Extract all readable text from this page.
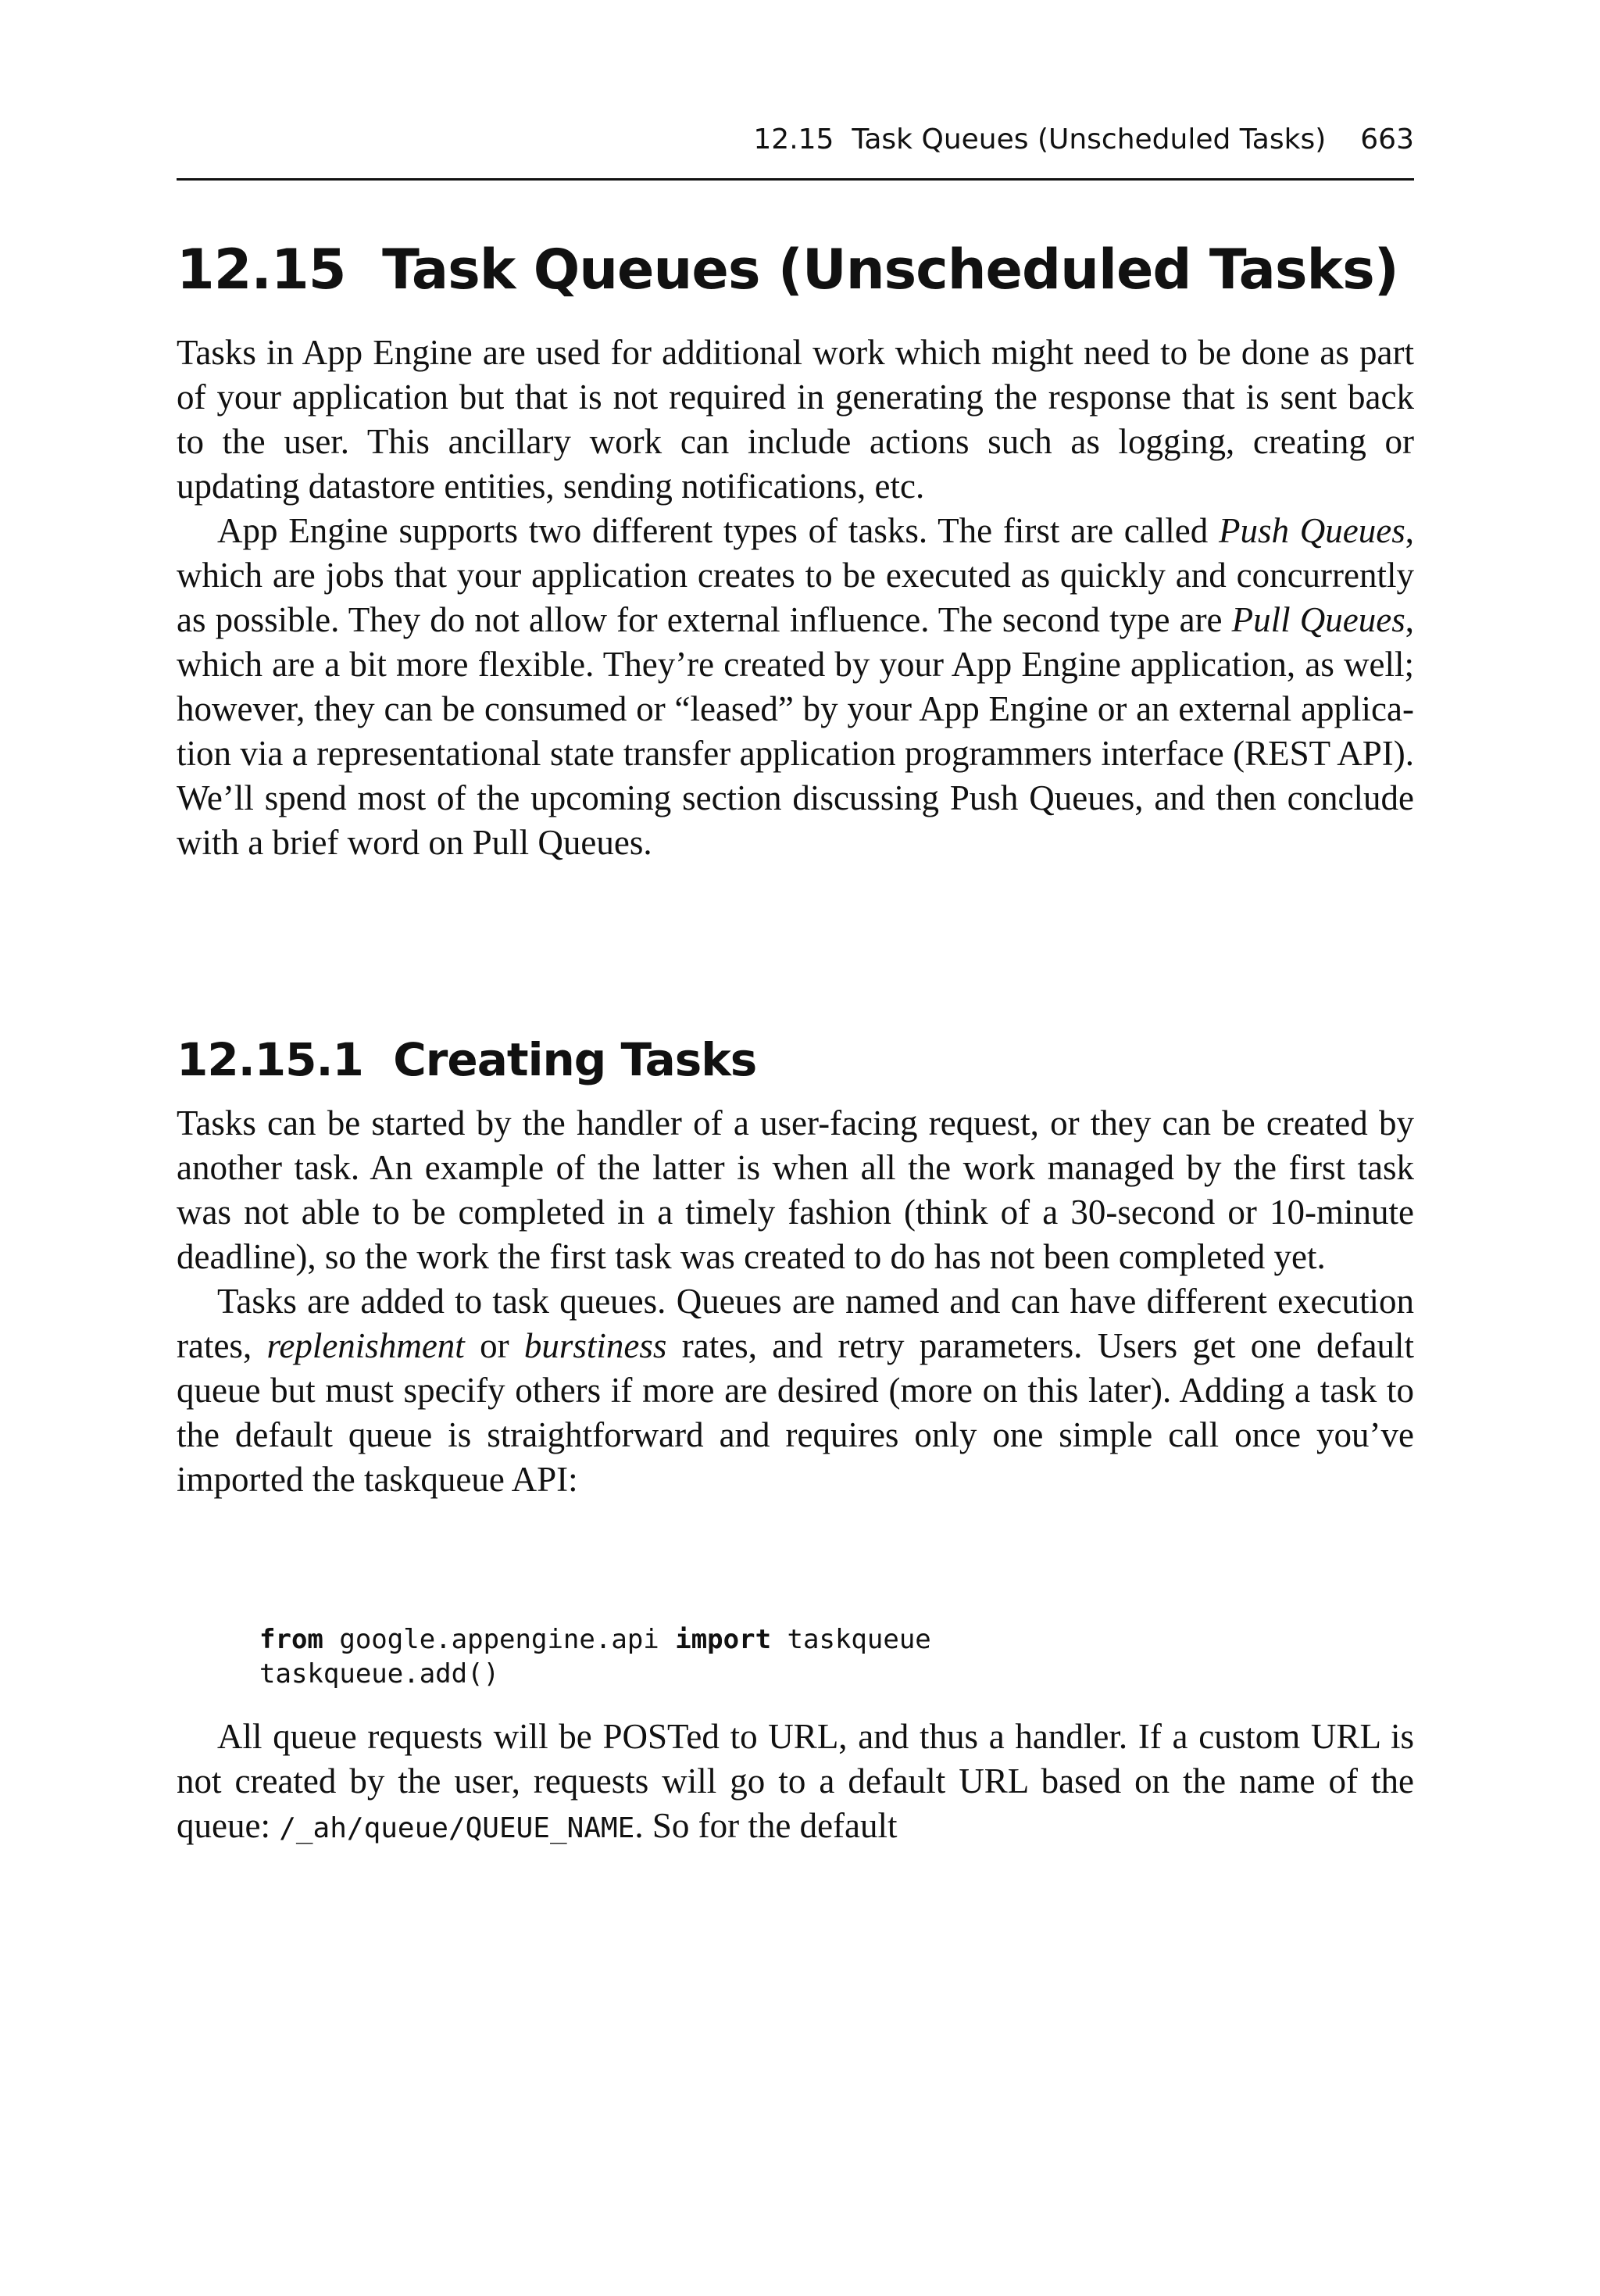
12.15  Task Queues (Unscheduled Tasks) 663
12.15  Task Queues (Unscheduled Tasks)

Tasks in App Engine are used for additional work which might need to be done as part of your application but that is not required in generating the response that is sent back to the user. This ancillary work can include actions such as logging, creating or updating datastore entities, sending notifications, etc.

App Engine supports two different types of tasks. The first are called Push Queues, which are jobs that your application creates to be executed as quickly and concurrently as possible. They do not allow for external influence. The second type are Pull Queues, which are a bit more flexible. They’re created by your App Engine application, as well; however, they can be consumed or “leased” by your App Engine or an external application via a representational state transfer application programmers interface (REST API). We’ll spend most of the upcoming section discussing Push Queues, and then conclude with a brief word on Pull Queues.

12.15.1  Creating Tasks

Tasks can be started by the handler of a user-facing request, or they can be created by another task. An example of the latter is when all the work managed by the first task was not able to be completed in a timely fashion (think of a 30-second or 10-minute deadline), so the work the first task was created to do has not been completed yet.

Tasks are added to task queues. Queues are named and can have different execution rates, replenishment or burstiness rates, and retry parameters. Users get one default queue but must specify others if more are desired (more on this later). Adding a task to the default queue is straightforward and requires only one simple call once you’ve imported the taskqueue API:

from google.appengine.api import taskqueue
taskqueue.add()

All queue requests will be POSTed to URL, and thus a handler. If a custom URL is not created by the user, requests will go to a default URL based on the name of the queue: /_ah/queue/QUEUE_NAME. So for the default
